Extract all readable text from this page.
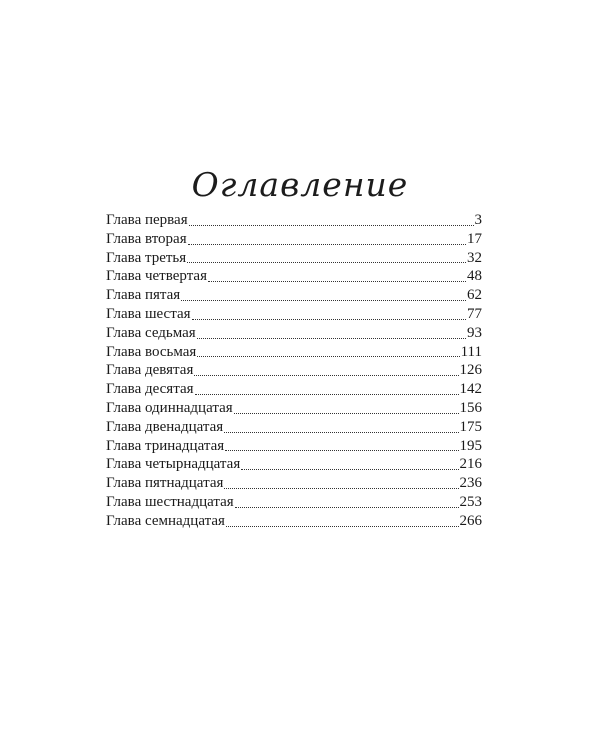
Оглавление
Глава первая	3
Глава вторая	17
Глава третья	32
Глава четвертая	48
Глава пятая	62
Глава шестая	77
Глава седьмая	93
Глава восьмая	111
Глава девятая	126
Глава десятая	142
Глава одиннадцатая	156
Глава двенадцатая	175
Глава тринадцатая	195
Глава четырнадцатая	216
Глава пятнадцатая	236
Глава шестнадцатая	253
Глава семнадцатая	266
